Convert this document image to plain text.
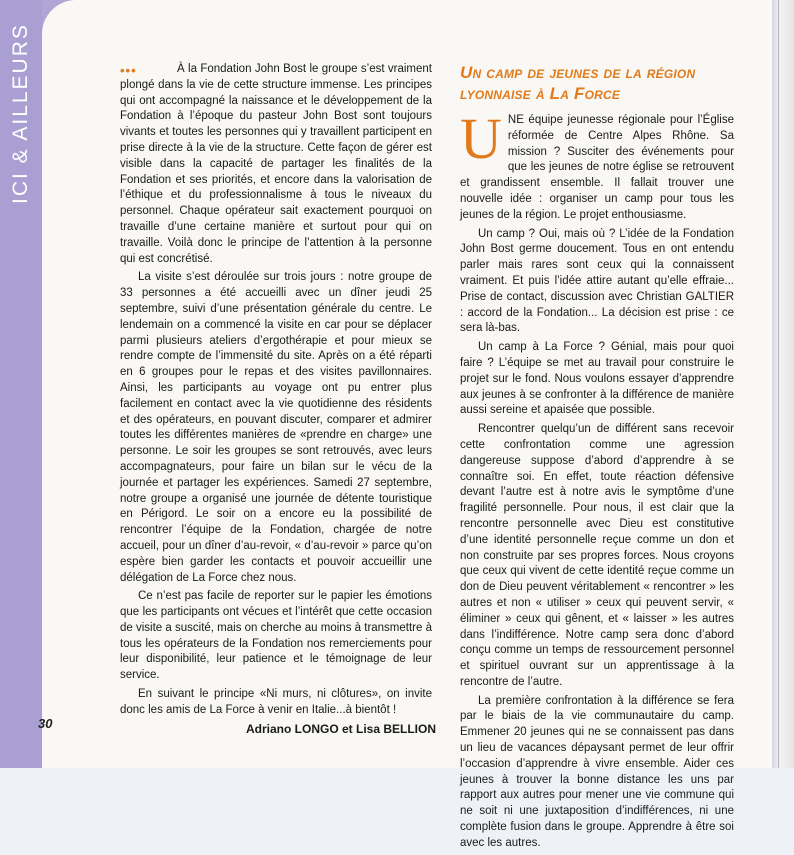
ICI & AILLEURS	•••	À la Fondation John Bost le groupe s’est vraiment plongé dans la vie de cette structure immense. Les principes qui ont accompagné la naissance et le développement de la Fondation à l’époque du pasteur John Bost sont toujours vivants et toutes les personnes qui y travaillent participent en prise directe à la vie de la structure. Cette façon de gérer est visible dans la capacité de partager les finalités de la Fondation et ses priorités, et encore dans la valorisation de l’éthique et du professionnalisme à tous le niveaux du personnel. Chaque opérateur sait exactement pourquoi on travaille d’une certaine manière et surtout pour qui on travaille. Voilà donc le principe de l’attention à la personne qui est concrétisé.

La visite s’est déroulée sur trois jours : notre groupe de 33 personnes a été accueilli avec un dîner jeudi 25 septembre, suivi d’une présentation générale du centre. Le lendemain on a commencé la visite en car pour se déplacer parmi plusieurs ateliers d’ergothérapie et pour mieux se rendre compte de l’immensité du site. Après on a été réparti en 6 groupes pour le repas et des visites pavillonnaires. Ainsi, les participants au voyage ont pu entrer plus facilement en contact avec la vie quotidienne des résidents et des opérateurs, en pouvant discuter, comparer et admirer toutes les différentes manières de «prendre en charge» une personne. Le soir les groupes se sont retrouvés, avec leurs accompagnateurs, pour faire un bilan sur le vécu de la journée et partager les expériences. Samedi 27 septembre, notre groupe a organisé une journée de détente touristique en Périgord. Le soir on a encore eu la possibilité de rencontrer l’équipe de la Fondation, chargée de notre accueil, pour un dîner d’au-revoir, « d’au-revoir » parce qu’on espère bien garder les contacts et pouvoir accueillir une délégation de La Force chez nous.

Ce n’est pas facile de reporter sur le papier les émotions que les participants ont vécues et l’intérêt que cette occasion de visite a suscité, mais on cherche au moins à transmettre à tous les opérateurs de la Fondation nos remerciements pour leur disponibilité, leur patience et le témoignage de leur service.

En suivant le principe «Ni murs, ni clôtures», on invite donc les amis de La Force à venir en Italie...à bientôt !

Adriano LONGO et Lisa BELLION
Un camp de jeunes de la région lyonnaise à La Force
U NE équipe jeunesse régionale pour l’Église réformée de Centre Alpes Rhône. Sa mission ? Susciter des événements pour que les jeunes de notre église se retrouvent et grandissent ensemble. Il fallait trouver une nouvelle idée : organiser un camp pour tous les jeunes de la région. Le projet enthousiasme.

Un camp ? Oui, mais où ? L’idée de la Fondation John Bost germe doucement. Tous en ont entendu parler mais rares sont ceux qui la connaissent vraiment. Et puis l’idée attire autant qu’elle effraie... Prise de contact, discussion avec Christian GALTIER : accord de la Fondation... La décision est prise : ce sera là-bas.

Un camp à La Force ? Génial, mais pour quoi faire ? L’équipe se met au travail pour construire le projet sur le fond. Nous voulons essayer d’apprendre aux jeunes à se confronter à la différence de manière aussi sereine et apaisée que possible.

Rencontrer quelqu’un de différent sans recevoir cette confrontation comme une agression dangereuse suppose d’abord d’apprendre à se connaître soi. En effet, toute réaction défensive devant l’autre est à notre avis le symptôme d’une fragilité personnelle. Pour nous, il est clair que la rencontre personnelle avec Dieu est constitutive d’une identité personnelle reçue comme un don et non construite par ses propres forces. Nous croyons que ceux qui vivent de cette identité reçue comme un don de Dieu peuvent véritablement « rencontrer » les autres et non « utiliser » ceux qui peuvent servir, « éliminer » ceux qui gênent, et « laisser » les autres dans l’indifférence. Notre camp sera donc d’abord conçu comme un temps de ressourcement personnel et spirituel ouvrant sur un apprentissage à la rencontre de l’autre.

La première confrontation à la différence se fera par le biais de la vie communautaire du camp. Emmener 20 jeunes qui ne se connaissent pas dans un lieu de vacances dépaysant permet de leur offrir l’occasion d’apprendre à vivre ensemble. Aider ces jeunes à trouver la bonne distance les uns par rapport aux autres pour mener une vie commune qui ne soit ni une juxtaposition d’indifférences, ni une complète fusion dans le groupe. Apprendre à être soi avec les autres.

30
